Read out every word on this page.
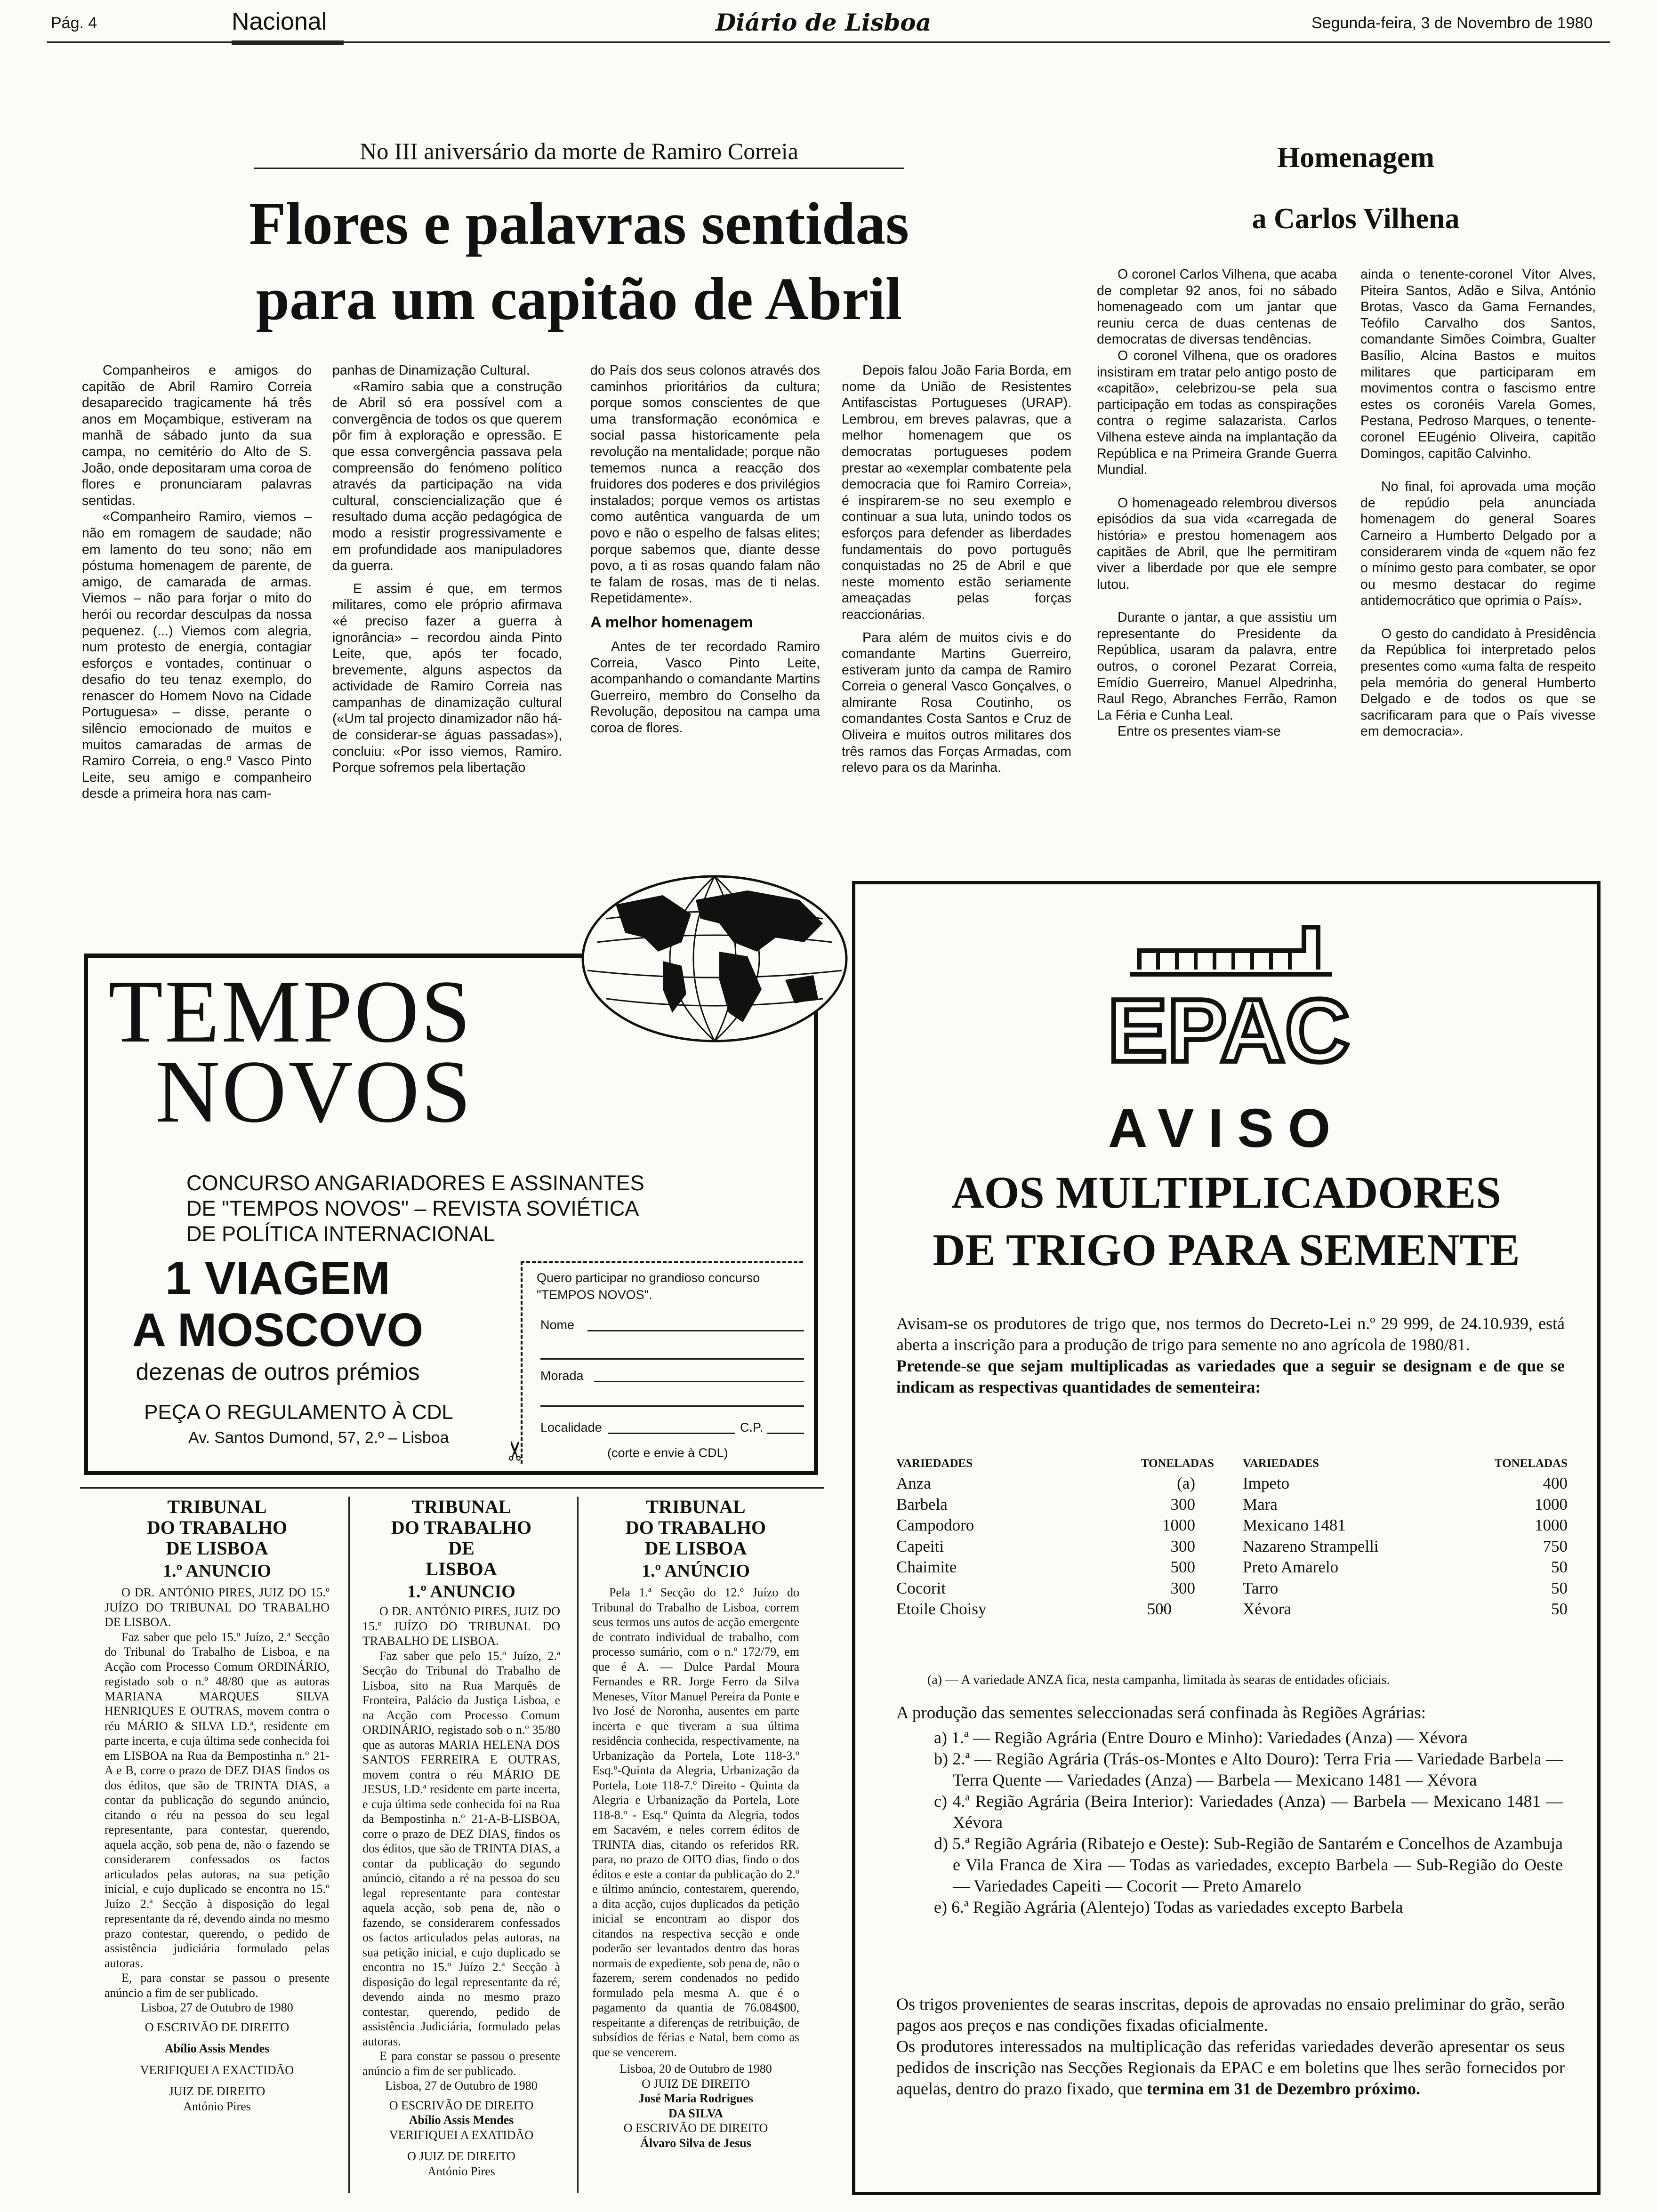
Pág. 4	Nacional	Diário de Lisboa	Segunda-feira, 3 de Novembro de 1980
No III aniversário da morte de Ramiro Correia
Flores e palavras sentidas
para um capitão de Abril

Companheiros e amigos do capitão de Abril Ramiro Correia desaparecido tragicamente há três anos em Moçambique, estiveram na manhã de sábado junto da sua campa, no cemitério do Alto de S. João, onde depositaram uma coroa de flores e pronunciaram palavras sentidas.

«Companheiro Ramiro, viemos – não em romagem de saudade; não em lamento do teu sono; não em póstuma homenagem de parente, de amigo, de camarada de armas. Viemos – não para forjar o mito do herói ou recordar desculpas da nossa pequenez. (...) Viemos com alegria, num protesto de energia, contagiar esforços e vontades, continuar o desafio do teu tenaz exemplo, do renascer do Homem Novo na Cidade Portuguesa» – disse, perante o silêncio emocionado de muitos e muitos camaradas de armas de Ramiro Correia, o eng.º Vasco Pinto Leite, seu amigo e companheiro desde a primeira hora nas cam-

panhas de Dinamização Cultural.

«Ramiro sabia que a construção de Abril só era possível com a convergência de todos os que querem pôr fim à exploração e opressão. E que essa convergência passava pela compreensão do fenómeno político através da participação na vida cultural, consciencialização que é resultado duma acção pedagógica de modo a resistir progressivamente e em profundidade aos manipuladores da guerra.

E assim é que, em termos militares, como ele próprio afirmava «é preciso fazer a guerra à ignorância» – recordou ainda Pinto Leite, que, após ter focado, brevemente, alguns aspectos da actividade de Ramiro Correia nas campanhas de dinamização cultural («Um tal projecto dinamizador não há-de considerar-se águas passadas»), concluiu: «Por isso viemos, Ramiro. Porque sofremos pela libertação

do País dos seus colonos através dos caminhos prioritários da cultura; porque somos conscientes de que uma transformação económica e social passa historicamente pela revolução na mentalidade; porque não tememos nunca a reacção dos fruidores dos poderes e dos privilégios instalados; porque vemos os artistas como autêntica vanguarda de um povo e não o espelho de falsas elites; porque sabemos que, diante desse povo, a ti as rosas quando falam não te falam de rosas, mas de ti nelas. Repetidamente».

A melhor homenagem

Antes de ter recordado Ramiro Correia, Vasco Pinto Leite, acompanhando o comandante Martins Guerreiro, membro do Conselho da Revolução, depositou na campa uma coroa de flores.

Depois falou João Faria Borda, em nome da União de Resistentes Antifascistas Portugueses (URAP). Lembrou, em breves palavras, que a melhor homenagem que os democratas portugueses podem prestar ao «exemplar combatente pela democracia que foi Ramiro Correia», é inspirarem-se no seu exemplo e continuar a sua luta, unindo todos os esforços para defender as liberdades fundamentais do povo português conquistadas no 25 de Abril e que neste momento estão seriamente ameaçadas pelas forças reaccionárias.

Para além de muitos civis e do comandante Martins Guerreiro, estiveram junto da campa de Ramiro Correia o general Vasco Gonçalves, o almirante Rosa Coutinho, os comandantes Costa Santos e Cruz de Oliveira e muitos outros militares dos três ramos das Forças Armadas, com relevo para os da Marinha.

Homenagem
a Carlos Vilhena

O coronel Carlos Vilhena, que acaba de completar 92 anos, foi no sábado homenageado com um jantar que reuniu cerca de duas centenas de democratas de diversas tendências.

O coronel Vilhena, que os oradores insistiram em tratar pelo antigo posto de «capitão», celebrizou-se pela sua participação em todas as conspirações contra o regime salazarista. Carlos Vilhena esteve ainda na implantação da República e na Primeira Grande Guerra Mundial.

O homenageado relembrou diversos episódios da sua vida «carregada de história» e prestou homenagem aos capitães de Abril, que lhe permitiram viver a liberdade por que ele sempre lutou.

Durante o jantar, a que assistiu um representante do Presidente da República, usaram da palavra, entre outros, o coronel Pezarat Correia, Emídio Guerreiro, Manuel Alpedrinha, Raul Rego, Abranches Ferrão, Ramon La Féria e Cunha Leal.

Entre os presentes viam-se

ainda o tenente-coronel Vítor Alves, Piteira Santos, Adão e Silva, António Brotas, Vasco da Gama Fernandes, Teófilo Carvalho dos Santos, comandante Simões Coimbra, Gualter Basílio, Alcina Bastos e muitos militares que participaram em movimentos contra o fascismo entre estes os coronéis Varela Gomes, Pestana, Pedroso Marques, o tenente-coronel EEugénio Oliveira, capitão Domingos, capitão Calvinho.

No final, foi aprovada uma moção de repúdio pela anunciada homenagem do general Soares Carneiro a Humberto Delgado por a considerarem vinda de «quem não fez o mínimo gesto para combater, se opor ou mesmo destacar do regime antidemocrático que oprimia o País».

O gesto do candidato à Presidência da República foi interpretado pelos presentes como «uma falta de respeito pela memória do general Humberto Delgado e de todos os que se sacrificaram para que o País vivesse em democracia».

TEMPOS
NOVOS
CONCURSO ANGARIADORES E ASSINANTES
DE "TEMPOS NOVOS" – REVISTA SOVIÉTICA
DE POLÍTICA INTERNACIONAL
1 VIAGEM
A MOSCOVO
dezenas de outros prémios
PEÇA O REGULAMENTO À CDL
Av. Santos Dumond, 57, 2.º – Lisboa
Quero participar no grandioso concurso
"TEMPOS NOVOS".
Nome
Morada
Localidade	C.P.
(corte e envie à CDL)
✂
TRIBUNAL
DO TRABALHO
DE LISBOA
1.º ANUNCIO

O DR. ANTÓNIO PIRES, JUIZ DO 15.º JUÍZO DO TRIBUNAL DO TRABALHO DE LISBOA.

Faz saber que pelo 15.º Juízo, 2.ª Secção do Tribunal do Trabalho de Lisboa, e na Acção com Processo Comum ORDINÁRIO, registado sob o n.º 48/80 que as autoras MARIANA MARQUES SILVA HENRIQUES E OUTRAS, movem contra o réu MÁRIO & SILVA LD.ª, residente em parte incerta, e cuja última sede conhecida foi em LISBOA na Rua da Bempostinha n.º 21-A e B, corre o prazo de DEZ DIAS findos os dos éditos, que são de TRINTA DIAS, a contar da publicação do segundo anúncio, citando o réu na pessoa do seu legal representante, para contestar, querendo, aquela acção, sob pena de, não o fazendo se considerarem confessados os factos articulados pelas autoras, na sua petição inicial, e cujo duplicado se encontra no 15.º Juízo 2.ª Secção à disposição do legal representante da ré, devendo ainda no mesmo prazo contestar, querendo, o pedido de assistência judiciária formulado pelas autoras.

E, para constar se passou o presente anúncio a fim de ser publicado.

Lisboa, 27 de Outubro de 1980

O ESCRIVÃO DE DIREITO

Abílio Assis Mendes

VERIFIQUEI A EXACTIDÃO

JUIZ DE DIREITO

António Pires

TRIBUNAL
DO TRABALHO
DE
LISBOA
1.º ANUNCIO

O DR. ANTÓNIO PIRES, JUIZ DO 15.º JUÍZO DO TRIBUNAL DO TRABALHO DE LISBOA.

Faz saber que pelo 15.º Juízo, 2.ª Secção do Tribunal do Trabalho de Lisboa, sito na Rua Marquês de Fronteira, Palácio da Justiça Lisboa, e na Acção com Processo Comum ORDINÁRIO, registado sob o n.º 35/80 que as autoras MARIA HELENA DOS SANTOS FERREIRA E OUTRAS, movem contra o réu MÁRIO DE JESUS, LD.ª residente em parte incerta, e cuja última sede conhecida foi na Rua da Bempostinha n.º 21-A-B-LISBOA, corre o prazo de DEZ DIAS, findos os dos éditos, que são de TRINTA DIAS, a contar da publicação do segundo anúncio, citando a ré na pessoa do seu legal representante para contestar aquela acção, sob pena de, não o fazendo, se considerarem confessados os factos articulados pelas autoras, na sua petição inicial, e cujo duplicado se encontra no 15.º Juízo 2.ª Secção à disposição do legal representante da ré, devendo ainda no mesmo prazo contestar, querendo, pedido de assistência Judiciária, formulado pelas autoras.

E para constar se passou o presente anúncio a fim de ser publicado.

Lisboa, 27 de Outubro de 1980

O ESCRIVÃO DE DIREITO

Abílio Assis Mendes

VERIFIQUEI A EXATIDÃO

O JUIZ DE DIREITO

António Pires

TRIBUNAL
DO TRABALHO
DE LISBOA
1.º ANÚNCIO

Pela 1.ª Secção do 12.º Juízo do Tribunal do Trabalho de Lisboa, correm seus termos uns autos de acção emergente de contrato individual de trabalho, com processo sumário, com o n.º 172/79, em que é A. — Dulce Pardal Moura Fernandes e RR. Jorge Ferro da Silva Meneses, Vítor Manuel Pereira da Ponte e Ivo José de Noronha, ausentes em parte incerta e que tiveram a sua última residência conhecida, respectivamente, na Urbanização da Portela, Lote 118-3.º Esq.º-Quinta da Alegria, Urbanização da Portela, Lote 118-7.º Direito - Quinta da Alegria e Urbanização da Portela, Lote 118-8.º - Esq.º Quinta da Alegria, todos em Sacavém, e neles correm éditos de TRINTA dias, citando os referidos RR. para, no prazo de OITO dias, findo o dos éditos e este a contar da publicação do 2.º e último anúncio, contestarem, querendo, a dita acção, cujos duplicados da petição inicial se encontram ao dispor dos citandos na respectiva secção e onde poderão ser levantados dentro das horas normais de expediente, sob pena de, não o fazerem, serem condenados no pedido formulado pela mesma A. que é o pagamento da quantia de 76.084$00, respeitante a diferenças de retribuição, de subsídios de férias e Natal, bem como as que se vencerem.

Lisboa, 20 de Outubro de 1980

O JUIZ DE DIREITO

José Maria Rodrigues

DA SILVA

O ESCRIVÃO DE DIREITO

Álvaro Silva de Jesus

EPAC
AVISO
AOS MULTIPLICADORES
DE TRIGO PARA SEMENTE
Avisam-se os produtores de trigo que, nos termos do Decreto-Lei n.º 29 999, de 24.10.939, está aberta a inscrição para a produção de trigo para semente no ano agrícola de 1980/81.
Pretende-se que sejam multiplicadas as variedades que a seguir se designam e de que se indicam as respectivas quantidades de sementeira:
VARIEDADES	TONELADAS
Anza	(a)
Barbela	300
Campodoro	1000
Capeiti	300
Chaimite	500
Cocorit	300
Etoile Choisy	500
VARIEDADES	TONELADAS
Impeto	400
Mara	1000
Mexicano 1481	1000
Nazareno Strampelli	750
Preto Amarelo	50
Tarro	50
Xévora	50
(a) — A variedade ANZA fica, nesta campanha, limitada às searas de entidades oficiais.
A produção das sementes seleccionadas será confinada às Regiões Agrárias:
a) 1.ª — Região Agrária (Entre Douro e Minho): Variedades (Anza) — Xévora
b) 2.ª — Região Agrária (Trás-os-Montes e Alto Douro): Terra Fria — Variedade Barbela — Terra Quente — Variedades (Anza) — Barbela — Mexicano 1481 — Xévora
c) 4.ª Região Agrária (Beira Interior): Variedades (Anza) — Barbela — Mexicano 1481 — Xévora
d) 5.ª Região Agrária (Ribatejo e Oeste): Sub-Região de Santarém e Concelhos de Azambuja e Vila Franca de Xira — Todas as variedades, excepto Barbela — Sub-Região do Oeste — Variedades Capeiti — Cocorit — Preto Amarelo
e) 6.ª Região Agrária (Alentejo) Todas as variedades excepto Barbela
Os trigos provenientes de searas inscritas, depois de aprovadas no ensaio preliminar do grão, serão pagos aos preços e nas condições fixadas oficialmente.
Os produtores interessados na multiplicação das referidas variedades deverão apresentar os seus pedidos de inscrição nas Secções Regionais da EPAC e em boletins que lhes serão fornecidos por aquelas, dentro do prazo fixado, que termina em 31 de Dezembro próximo.
